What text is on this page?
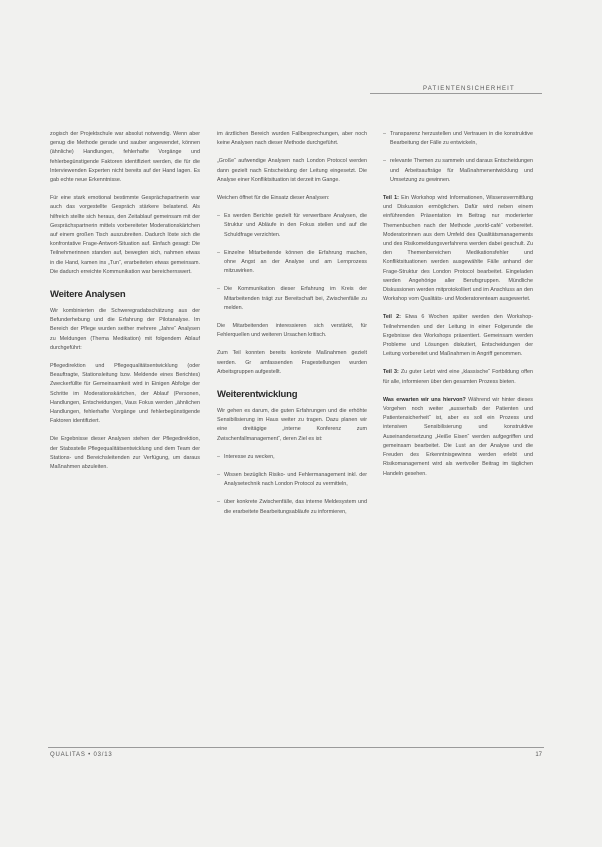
PATIENTENSICHERHEIT

zogisch der Projektschule war absolut notwendig. Wenn aber genug die Methode gerade und sauber angewendet, können (ähnliche) Handlungen, fehlerhafte Vorgänge und fehlerbegünstigende Faktoren identifiziert werden, die für die Interviewenden Experten nicht bereits auf der Hand lagen. Es gab echte neue Erkenntnisse.

Für eine stark emotional bestimmte Gesprächspartnerin war auch das vorgestellte Gespräch stärkere belastend. Als hilfreich stellte sich heraus, den Zeitablauf gemeinsam mit der Gesprächspartnerin mittels vorbereiteter Moderationskärtchen auf einem großen Tisch auszubreiten. Dadurch löste sich die konfrontative Frage-Antwort-Situation auf. Einfach gesagt: Die Teilnehmerinnen standen auf, bewegten sich, nahmen etwas in die Hand, kamen ins „Tun“, erarbeiteten etwas gemeinsam. Die dadurch erreichte Kommunikation war bereichernswert.

Weitere Analysen

Wir kombinierten die Schweregradabschätzung aus der Befunderhebung und die Erfahrung der Pilotanalyse. Im Bereich der Pflege wurden seither mehrere „Jahre“ Analysen zu Meldungen (Thema Medikation) mit folgendem Ablauf durchgeführt:

Pflegedirektion und Pflegequalitätsentwicklung (oder Beauftragte, Stationsleitung bzw. Meldende eines Berichtes) Zweckerfüllte für Gemeinsamkeit wird in Einigen Abfolge der Schritte im Moderationskärtchen, der Ablauf (Personen, Handlungen, Entscheidungen, Vaus Fokus werden „ähnlichen Handlungen, fehlerhafte Vorgänge und fehlerbegünstigende Faktoren identifiziert.

Die Ergebnisse dieser Analysen stehen der Pflegedirektion, der Stabsstelle Pflegequalitätsentwicklung und dem Team der Stations- und Bereichsleitenden zur Verfügung, um daraus Maßnahmen abzuleiten.

im ärztlichen Bereich wurden Fallbesprechungen, aber noch keine Analysen nach dieser Methode durchgeführt.

„Große“ aufwendige Analysen nach London Protocol werden dann gezielt nach Entscheidung der Leitung eingesetzt. Die Analyse einer Konfliktsituation ist derzeit im Gange.

Weichen öffnet für die Einsatz dieser Analysen:

– Es werden Berichte gezielt für verwertbare Analysen, die Struktur und Abläufe in den Fokus stellen und auf die Schuldfrage verzichten.
– Einzelne Mitarbeitende können die Erfahrung machen, ohne Angst an der Analyse und am Lernprozess mitzuwirken.
– Die Kommunikation dieser Erfahrung im Kreis der Mitarbeitenden trägt zur Bereitschaft bei, Zwischenfälle zu melden.

Die Mitarbeitenden interessieren sich verstärkt, für Fehlerquellen und weiteren Ursachen kritisch.

Zum Teil konnten bereits konkrete Maßnahmen gezielt werden. Gr amfassenden Fragestellungen wurden Arbeitsgruppen aufgestellt.

Weiterentwicklung

Wir gehen es darum, die guten Erfahrungen und die erhöhte Sensibilisierung im Haus weiter zu tragen. Dazu planen wir eine dreitägige „interne Konferenz zum Zwischenfallmanagement“, deren Ziel es ist:

– Interesse zu wecken,
– Wissen bezüglich Risiko- und Fehlermanagement inkl. der Analysetechnik nach London Protocol zu vermitteln,
– über konkrete Zwischenfälle, das interne Meldesystem und die erarbeitete Bearbeitungsabläufe zu informieren,
– Transparenz herzustellen und Vertrauen in die konstruktive Bearbeitung der Fälle zu entwickeln,
– relevante Themen zu sammeln und daraus Entscheidungen und Arbeitsaufträge für Maßnahmenentwicklung und Umsetzung zu gewinnen.

Teil 1: Ein Workshop wird Informationen, Wissensvermittlung und Diskussion ermöglichen. Dafür wird neben einem einführenden Präsentation im Beitrag nur moderierter Themenbuchen nach der Methode „world-café“ vorbereitet. Moderatorinnen aus dem Umfeld des Qualitätsmanagements und des Risikomeldungsverfahrens werden dabei geschult. Zu den Themenbereichen Medikationsfehler und Konfliktsituationen werden ausgewählte Fälle anhand der Frage-Struktur des London Protocol bearbeitet. Eingeladen werden Angehörige aller Berufsgruppen. Mündliche Diskussionen werden mitprotokolliert und im Anschluss an den Workshop vom Qualitäts- und Moderatorenteam ausgewertet.

Teil 2: Etwa 6 Wochen später werden den Workshop-Teilnehmenden und der Leitung in einer Folgerunde die Ergebnisse des Workshops präsentiert. Gemeinsam werden Probleme und Lösungen diskutiert, Entscheidungen der Leitung vorbereitet und Maßnahmen in Angriff genommen.

Teil 3: Zu guter Letzt wird eine „klassische“ Fortbildung offen für alle, informieren über den gesamten Prozess bieten.

Was erwarten wir uns hiervon? Während wir hinter dieses Vorgehen noch weiter „ausserhalb der Patienten und Patientensicherheit“ ist, aber es soll ein Prozess und intensiven Sensibilisierung und konstruktive Auseinandersetzung „Heiße Eisen“ werden aufgegriffen und gemeinsam bearbeitet. Die Lust an der Analyse und die Freuden des Erkenntnisgewinns werden erlebt und Risikomanagement wird als wertvoller Beitrag im täglichen Handeln gesehen.

QUALITAS • 03/13	17
